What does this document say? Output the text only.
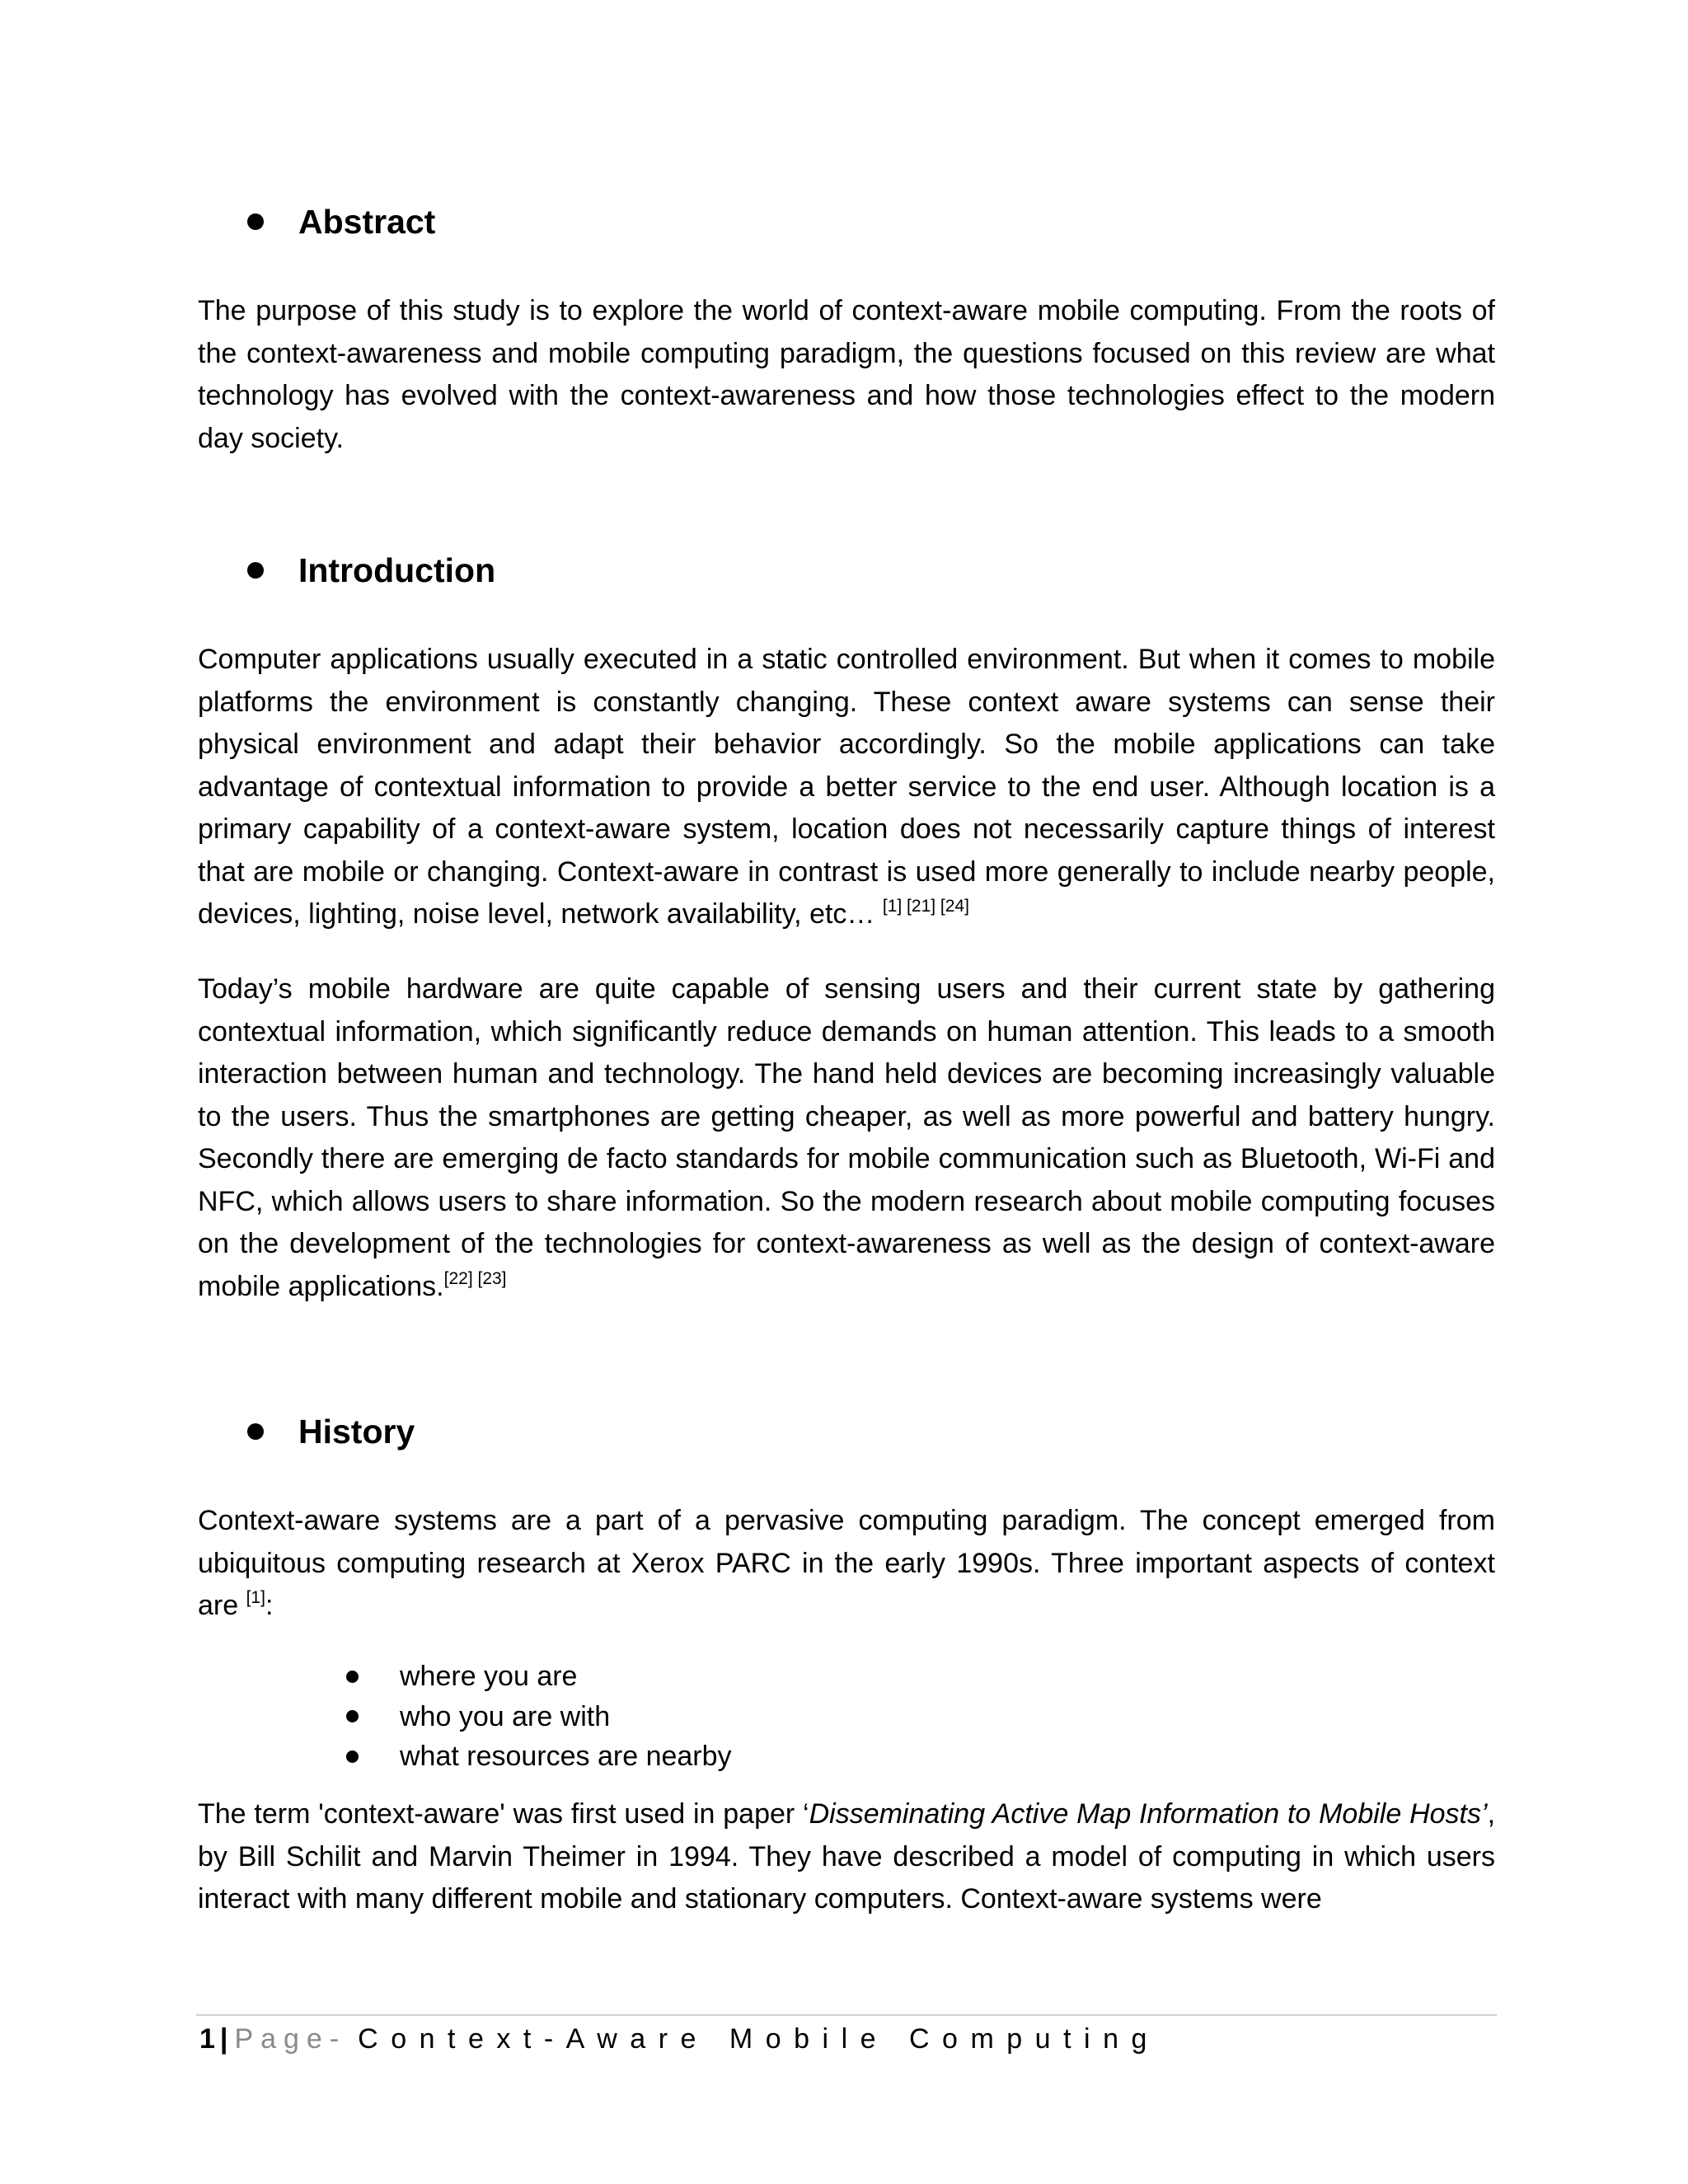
Abstract

The purpose of this study is to explore the world of context-aware mobile computing. From the roots of the context-awareness and mobile computing paradigm, the questions focused on this review are what technology has evolved with the context-awareness and how those technologies effect to the modern day society.

Introduction

Computer applications usually executed in a static controlled environment. But when it comes to mobile platforms the environment is constantly changing. These context aware systems can sense their physical environment and adapt their behavior accordingly. So the mobile applications can take advantage of contextual information to provide a better service to the end user. Although location is a primary capability of a context-aware system, location does not necessarily capture things of interest that are mobile or changing. Context-aware in contrast is used more generally to include nearby people, devices, lighting, noise level, network availability, etc… [1] [21] [24]

Today’s mobile hardware are quite capable of sensing users and their current state by gathering contextual information, which significantly reduce demands on human attention. This leads to a smooth interaction between human and technology. The hand held devices are becoming increasingly valuable to the users. Thus the smartphones are getting cheaper, as well as more powerful and battery hungry. Secondly there are emerging de facto standards for mobile communication such as Bluetooth, Wi-Fi and NFC, which allows users to share information. So the modern research about mobile computing focuses on the development of the technologies for context-awareness as well as the design of context-aware mobile applications.[22] [23]

History

Context-aware systems are a part of a pervasive computing paradigm. The concept emerged from ubiquitous computing research at Xerox PARC in the early 1990s. Three important aspects of context are [1]:

where you are
who you are with
what resources are nearby

The term 'context-aware' was first used in paper ‘Disseminating Active Map Information to Mobile Hosts’, by Bill Schilit and Marvin Theimer in 1994. They have described a model of computing in which users interact with many different mobile and stationary computers. Context-aware systems were

1 | Page- Context-Aware Mobile Computing
